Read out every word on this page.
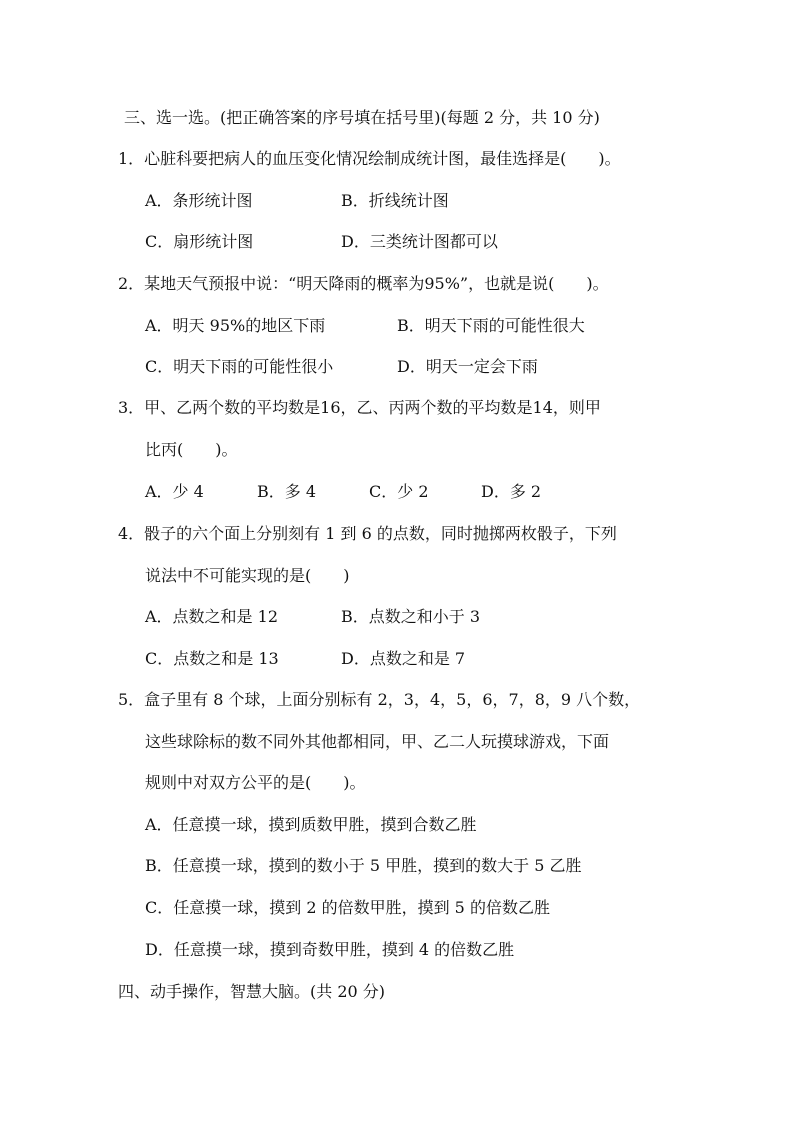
三、选一选。(把正确答案的序号填在括号里)(每题 2 分，共 10 分)
1．心脏科要把病人的血压变化情况绘制成统计图，最佳选择是(　　)。
A．条形统计图	B．折线统计图
C．扇形统计图	D．三类统计图都可以
2．某地天气预报中说：“明天降雨的概率为95%”，也就是说(　　)。
A．明天 95%的地区下雨	B．明天下雨的可能性很大
C．明天下雨的可能性很小	D．明天一定会下雨
3．甲、乙两个数的平均数是16，乙、丙两个数的平均数是14，则甲
比丙(　　)。
A．少 4	B．多 4	C．少 2	D．多 2
4．骰子的六个面上分别刻有 1 到 6 的点数，同时抛掷两枚骰子，下列
说法中不可能实现的是(　　)
A．点数之和是 12	B．点数之和小于 3
C．点数之和是 13	D．点数之和是 7
5．盒子里有 8 个球，上面分别标有 2，3，4，5，6，7，8，9 八个数，
这些球除标的数不同外其他都相同，甲、乙二人玩摸球游戏，下面
规则中对双方公平的是(　　)。
A．任意摸一球，摸到质数甲胜，摸到合数乙胜
B．任意摸一球，摸到的数小于 5 甲胜，摸到的数大于 5 乙胜
C．任意摸一球，摸到 2 的倍数甲胜，摸到 5 的倍数乙胜
D．任意摸一球，摸到奇数甲胜，摸到 4 的倍数乙胜
四、动手操作，智慧大脑。(共 20 分)
